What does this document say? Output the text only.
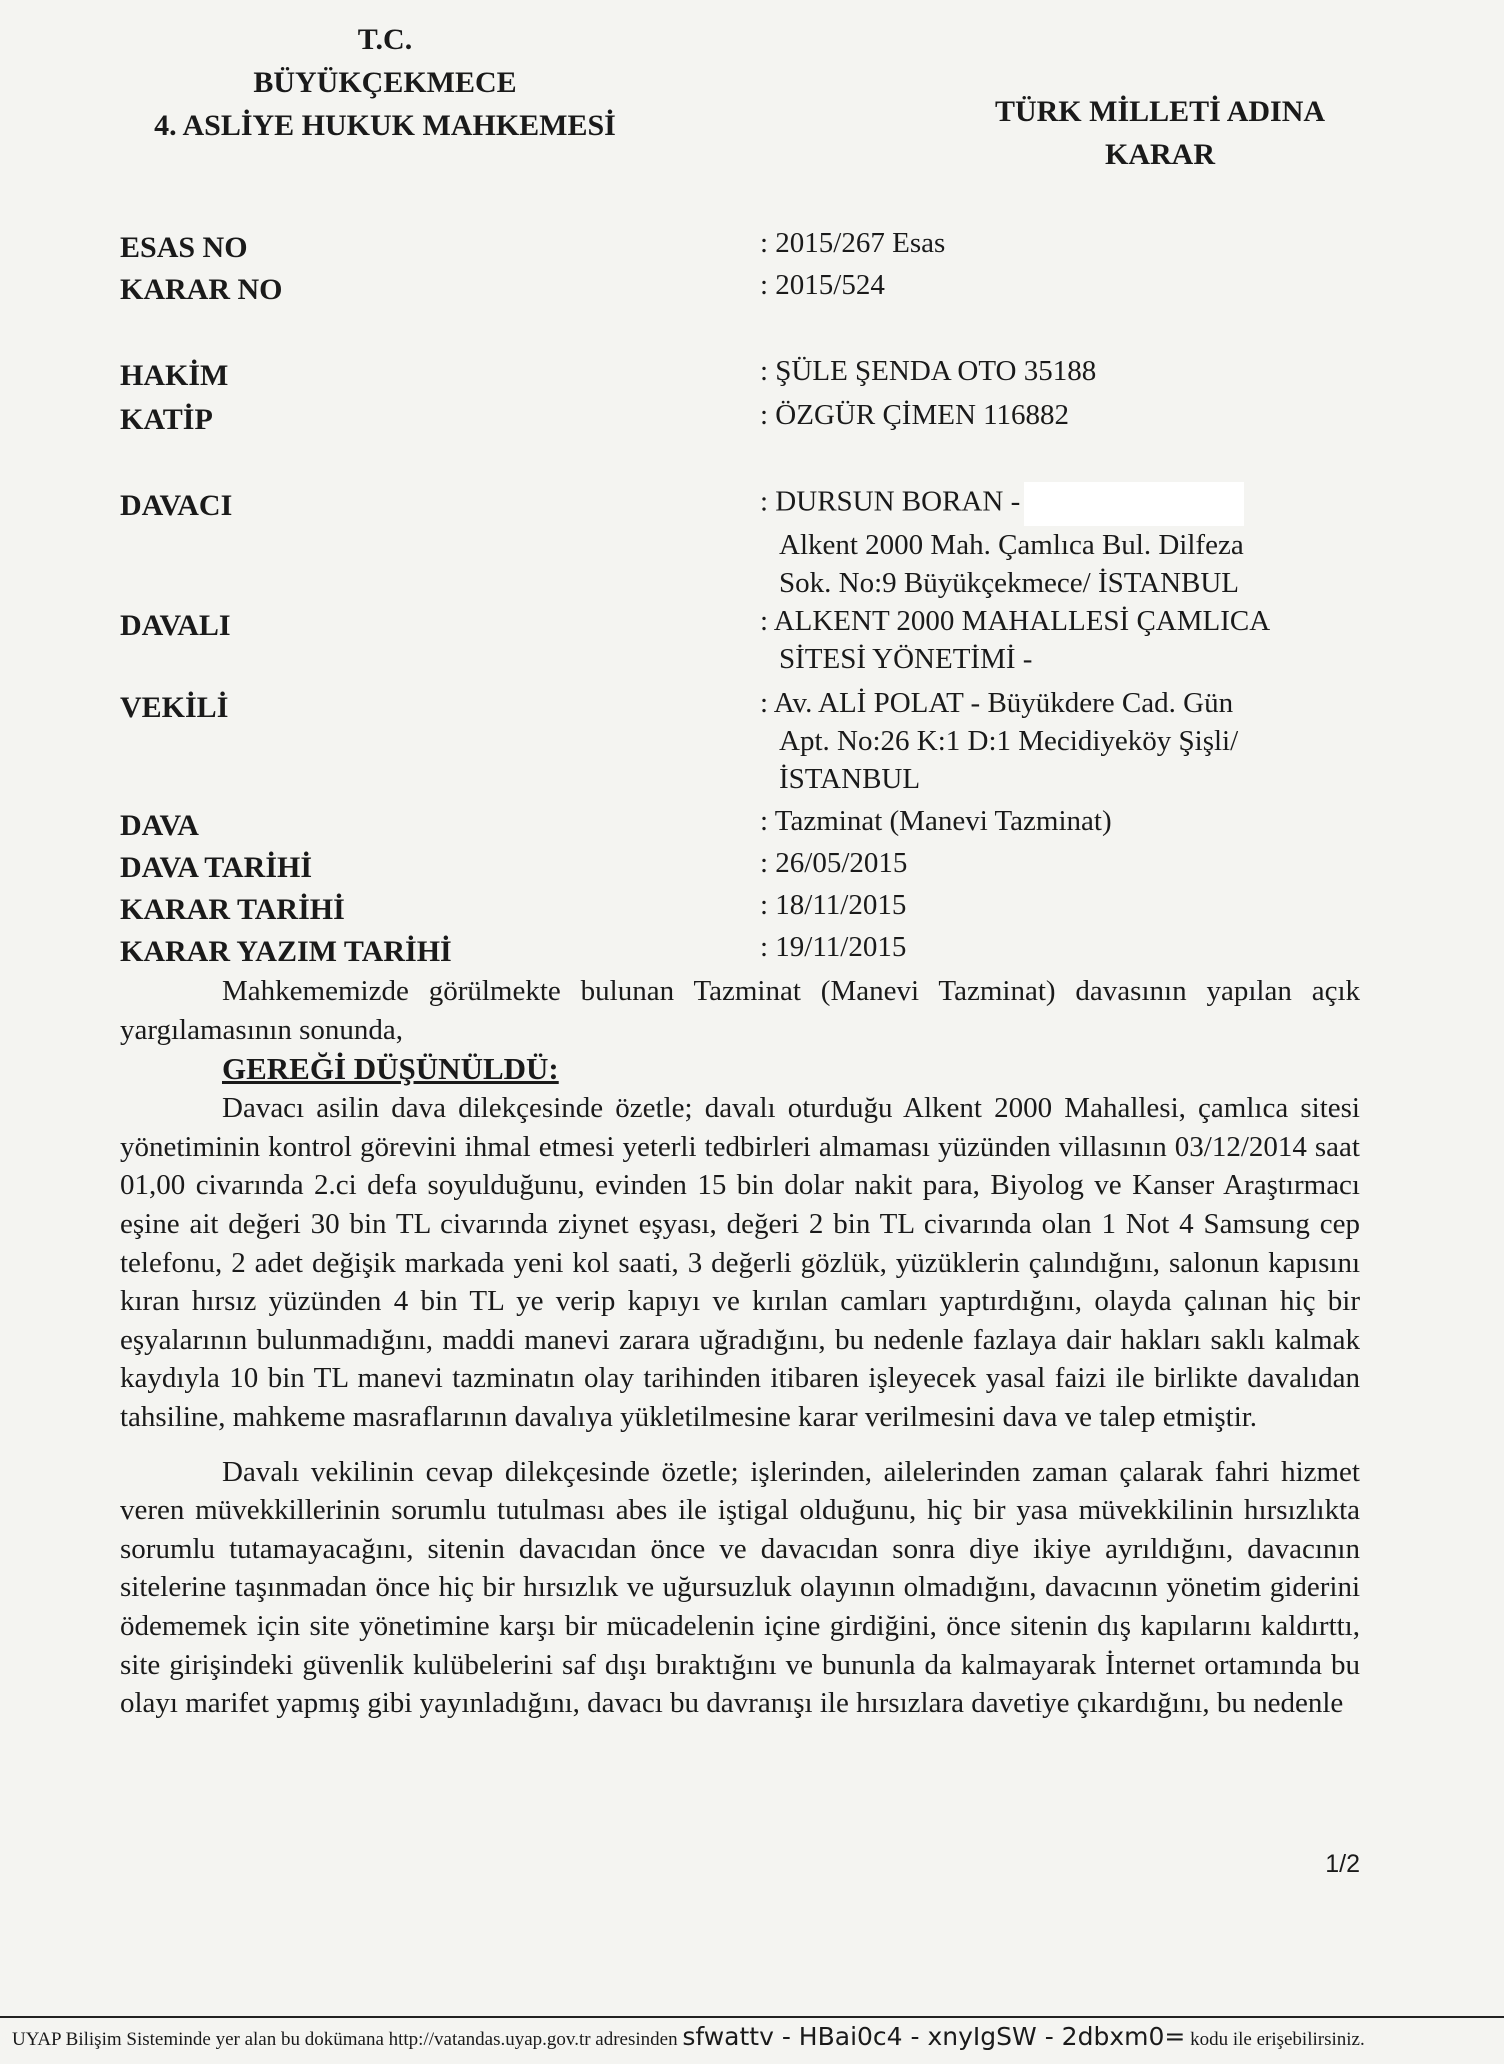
T.C.
BÜYÜKÇEKMECE
4. ASLİYE HUKUK MAHKEMESİ	TÜRK MİLLETİ ADINA
KARAR
ESAS NO	: 2015/267 Esas
KARAR NO	: 2015/524
HAKİM	: ŞÜLE ŞENDA OTO 35188
KATİP	: ÖZGÜR ÇİMEN 116882
DAVACI	: DURSUN BORAN -
Alkent 2000 Mah. Çamlıca Bul. Dilfeza
Sok. No:9 Büyükçekmece/ İSTANBUL
DAVALI	: ALKENT 2000 MAHALLESİ ÇAMLICA
SİTESİ YÖNETİMİ -
VEKİLİ	: Av. ALİ POLAT - Büyükdere Cad. Gün
Apt. No:26 K:1 D:1 Mecidiyeköy Şişli/
İSTANBUL
DAVA	: Tazminat (Manevi Tazminat)
DAVA TARİHİ	: 26/05/2015
KARAR TARİHİ	: 18/11/2015
KARAR YAZIM TARİHİ	: 19/11/2015

Mahkememizde görülmekte bulunan Tazminat (Manevi Tazminat) davasının yapılan açık yargılamasının sonunda,

GEREĞİ DÜŞÜNÜLDÜ:

Davacı asilin dava dilekçesinde özetle; davalı oturduğu Alkent 2000 Mahallesi, çamlıca sitesi yönetiminin kontrol görevini ihmal etmesi yeterli tedbirleri almaması yüzünden villasının 03/12/2014 saat 01,00 civarında 2.ci defa soyulduğunu, evinden 15 bin dolar nakit para, Biyolog ve Kanser Araştırmacı eşine ait değeri 30 bin TL civarında ziynet eşyası, değeri 2 bin TL civarında olan 1 Not 4 Samsung cep telefonu, 2 adet değişik markada yeni kol saati, 3 değerli gözlük, yüzüklerin çalındığını, salonun kapısını kıran hırsız yüzünden 4 bin TL ye verip kapıyı ve kırılan camları yaptırdığını, olayda çalınan hiç bir eşyalarının bulunmadığını, maddi manevi zarara uğradığını, bu nedenle fazlaya dair hakları saklı kalmak kaydıyla 10 bin TL manevi tazminatın olay tarihinden itibaren işleyecek yasal faizi ile birlikte davalıdan tahsiline, mahkeme masraflarının davalıya yükletilmesine karar verilmesini dava ve talep etmiştir.

Davalı vekilinin cevap dilekçesinde özetle; işlerinden, ailelerinden zaman çalarak fahri hizmet veren müvekkillerinin sorumlu tutulması abes ile iştigal olduğunu, hiç bir yasa müvekkilinin hırsızlıkta sorumlu tutamayacağını, sitenin davacıdan önce ve davacıdan sonra diye ikiye ayrıldığını, davacının sitelerine taşınmadan önce hiç bir hırsızlık ve uğursuzluk olayının olmadığını, davacının yönetim giderini ödememek için site yönetimine karşı bir mücadelenin içine girdiğini, önce sitenin dış kapılarını kaldırttı, site girişindeki güvenlik kulübelerini saf dışı bıraktığını ve bununla da kalmayarak İnternet ortamında bu olayı marifet yapmış gibi yayınladığını, davacı bu davranışı ile hırsızlara davetiye çıkardığını, bu nedenle

1/2
UYAP Bilişim Sisteminde yer alan bu dokümana http://vatandas.uyap.gov.tr adresinden sfwattv - HBai0c4 - xnyIgSW - 2dbxm0= kodu ile erişebilirsiniz.
